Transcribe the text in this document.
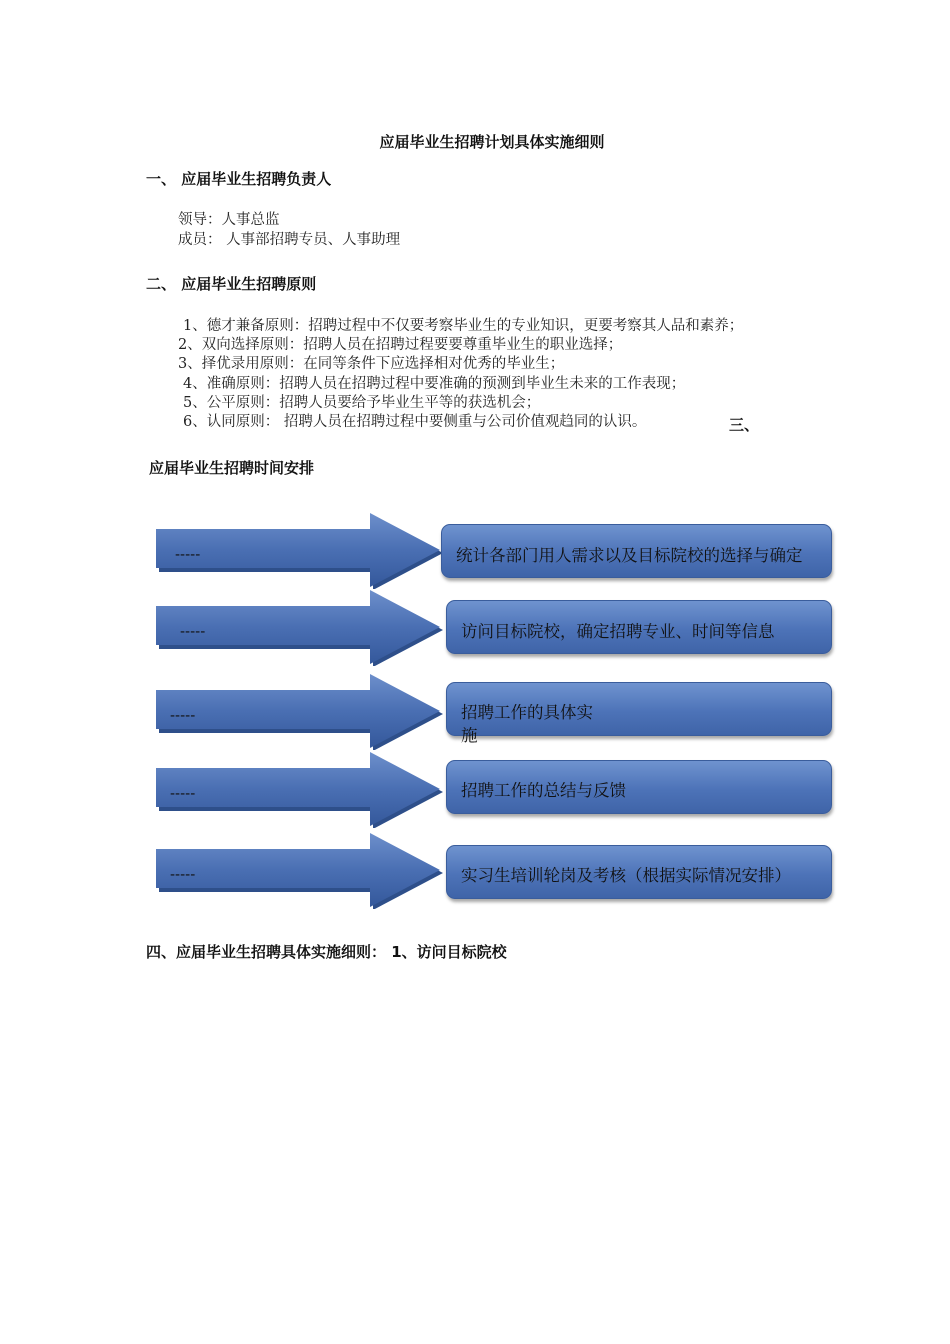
应届毕业生招聘计划具体实施细则
一、 应届毕业生招聘负责人
领导：人事总监
成员： 人事部招聘专员、人事助理
二、 应届毕业生招聘原则
1、德才兼备原则：招聘过程中不仅要考察毕业生的专业知识，更要考察其人品和素养；
2、双向选择原则：招聘人员在招聘过程要要尊重毕业生的职业选择；
3、择优录用原则：在同等条件下应选择相对优秀的毕业生；
4、准确原则：招聘人员在招聘过程中要准确的预测到毕业生未来的工作表现；
5、公平原则：招聘人员要给予毕业生平等的获选机会；
6、认同原则： 招聘人员在招聘过程中要侧重与公司价值观趋同的认识。	三、
应届毕业生招聘时间安排
-----	统计各部门用人需求以及目标院校的选择与确定
-----	访问目标院校，确定招聘专业、时间等信息
-----	招聘工作的具体实施
-----	招聘工作的总结与反馈
-----	实习生培训轮岗及考核（根据实际情况安排）
四、应届毕业生招聘具体实施细则： 1、访问目标院校
